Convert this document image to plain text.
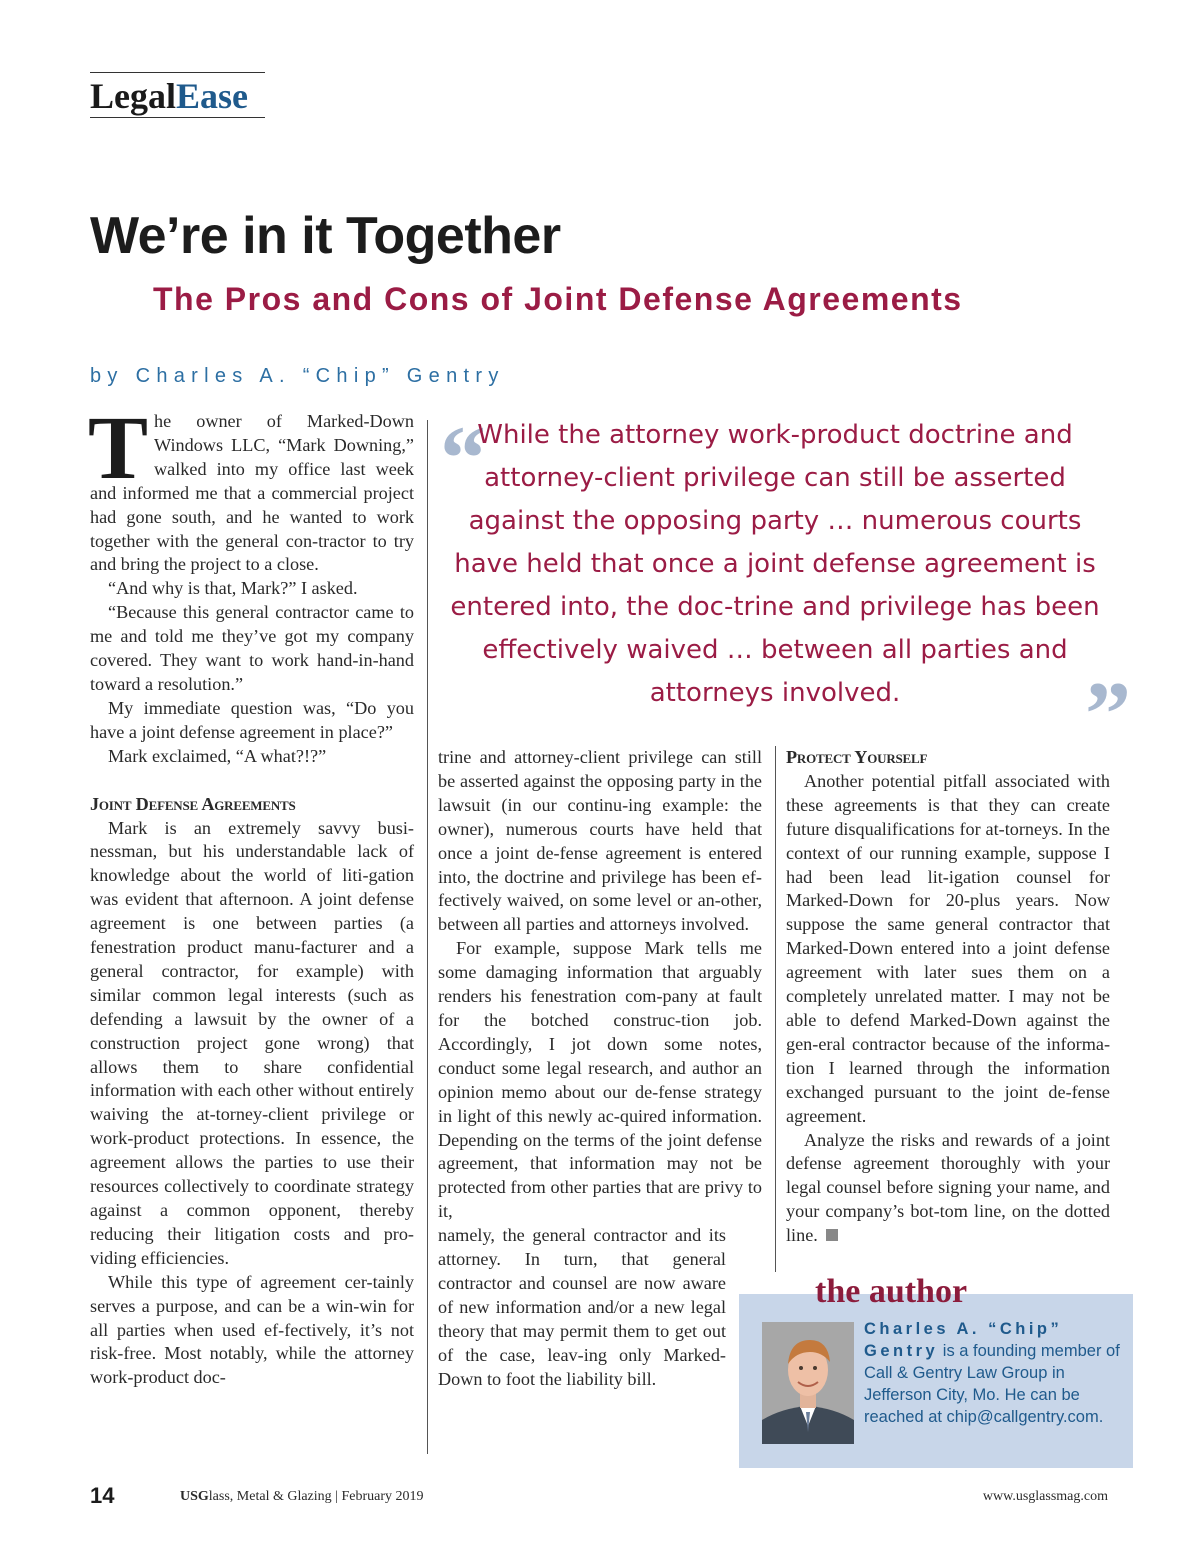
LegalEase
We’re in it Together
The Pros and Cons of Joint Defense Agreements
by Charles A. “Chip” Gentry

The owner of Marked-Down Windows LLC, “Mark Downing,” walked into my office last week and informed me that a commercial project had gone south, and he wanted to work together with the general con-tractor to try and bring the project to a close.

“And why is that, Mark?” I asked.

“Because this general contractor came to me and told me they’ve got my company covered. They want to work hand-in-hand toward a resolution.”

My immediate question was, “Do you have a joint defense agreement in place?”

Mark exclaimed, “A what?!?”

Joint Defense Agreements

Mark is an extremely savvy busi-nessman, but his understandable lack of knowledge about the world of liti-gation was evident that afternoon. A joint defense agreement is one between parties (a fenestration product manu-facturer and a general contractor, for example) with similar common legal interests (such as defending a lawsuit by the owner of a construction project gone wrong) that allows them to share confidential information with each other without entirely waiving the at-torney-client privilege or work-product protections. In essence, the agreement allows the parties to use their resources collectively to coordinate strategy against a common opponent, thereby reducing their litigation costs and pro-viding efficiencies.

While this type of agreement cer-tainly serves a purpose, and can be a win-win for all parties when used ef-fectively, it’s not risk-free. Most notably, while the attorney work-product doc-

“
While the attorney work-product doctrine and attorney-client privilege can still be asserted against the opposing party … numerous courts have held that once a joint defense agreement is entered into, the doc-trine and privilege has been effectively waived … between all parties and attorneys involved.	”

trine and attorney-client privilege can still be asserted against the opposing party in the lawsuit (in our continu-ing example: the owner), numerous courts have held that once a joint de-fense agreement is entered into, the doctrine and privilege has been ef-fectively waived, on some level or an-other, between all parties and attorneys involved.

For example, suppose Mark tells me some damaging information that arguably renders his fenestration com-pany at fault for the botched construc-tion job. Accordingly, I jot down some notes, conduct some legal research, and author an opinion memo about our de-fense strategy in light of this newly ac-quired information. Depending on the terms of the joint defense agreement, that information may not be protected from other parties that are privy to it,

namely, the general contractor and its attorney. In turn, that general contractor and counsel are now aware of new information and/or a new legal theory that may permit them to get out of the case, leav-ing only Marked-Down to foot the liability bill.

Protect Yourself

Another potential pitfall associated with these agreements is that they can create future disqualifications for at-torneys. In the context of our running example, suppose I had been lead lit-igation counsel for Marked-Down for 20-plus years. Now suppose the same general contractor that Marked-Down entered into a joint defense agreement with later sues them on a completely unrelated matter. I may not be able to defend Marked-Down against the gen-eral contractor because of the informa-tion I learned through the information exchanged pursuant to the joint de-fense agreement.

Analyze the risks and rewards of a joint defense agreement thoroughly with your legal counsel before signing your name, and your company’s bot-tom line, on the dotted line.

the author
Charles A. “Chip” Gentry is a founding member of Call & Gentry Law Group in Jefferson City, Mo. He can be reached at chip@callgentry.com.
14	USGlass, Metal & Glazing | February 2019	www.usglassmag.com
